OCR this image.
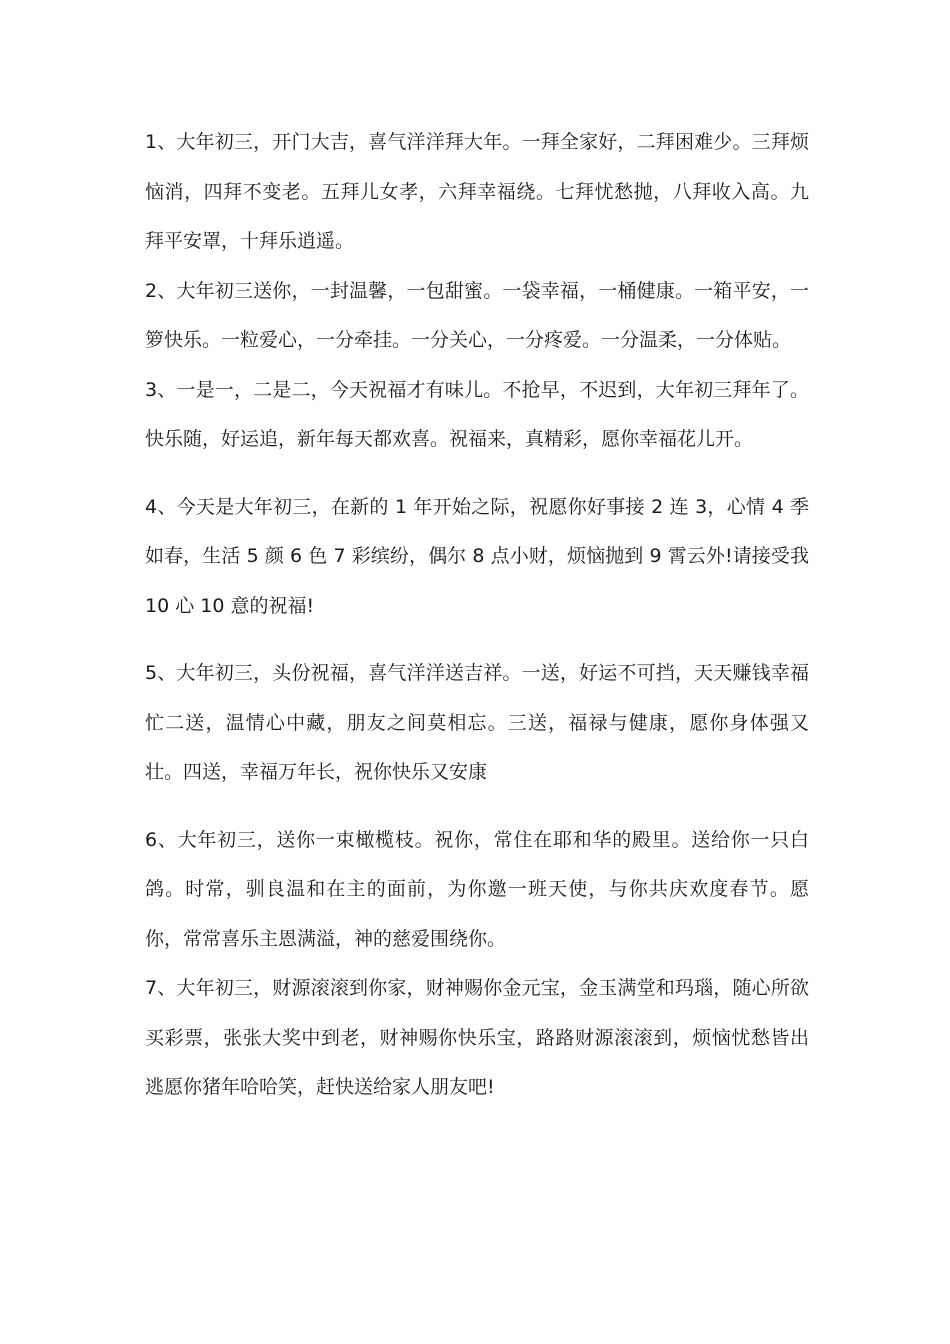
1、大年初三，开门大吉，喜气洋洋拜大年。一拜全家好，二拜困难少。三拜烦恼消，四拜不变老。五拜儿女孝，六拜幸福绕。七拜忧愁抛，八拜收入高。九拜平安罩，十拜乐逍遥。

2、大年初三送你，一封温馨，一包甜蜜。一袋幸福，一桶健康。一箱平安，一箩快乐。一粒爱心，一分牵挂。一分关心，一分疼爱。一分温柔，一分体贴。

3、一是一，二是二，今天祝福才有味儿。不抢早，不迟到，大年初三拜年了。快乐随，好运追，新年每天都欢喜。祝福来，真精彩，愿你幸福花儿开。

4、今天是大年初三，在新的 1 年开始之际，祝愿你好事接 2 连 3，心情 4 季如春，生活 5 颜 6 色 7 彩缤纷，偶尔 8 点小财，烦恼抛到 9 霄云外!请接受我 10 心 10 意的祝福!

5、大年初三，头份祝福，喜气洋洋送吉祥。一送，好运不可挡，天天赚钱幸福忙二送，温情心中藏，朋友之间莫相忘。三送，福禄与健康，愿你身体强又壮。四送，幸福万年长，祝你快乐又安康

6、大年初三，送你一束橄榄枝。祝你，常住在耶和华的殿里。送给你一只白鸽。时常，驯良温和在主的面前，为你邀一班天使，与你共庆欢度春节。愿你，常常喜乐主恩满溢，神的慈爱围绕你。

7、大年初三，财源滚滚到你家，财神赐你金元宝，金玉满堂和玛瑙，随心所欲买彩票，张张大奖中到老，财神赐你快乐宝，路路财源滚滚到，烦恼忧愁皆出逃愿你猪年哈哈笑，赶快送给家人朋友吧!
